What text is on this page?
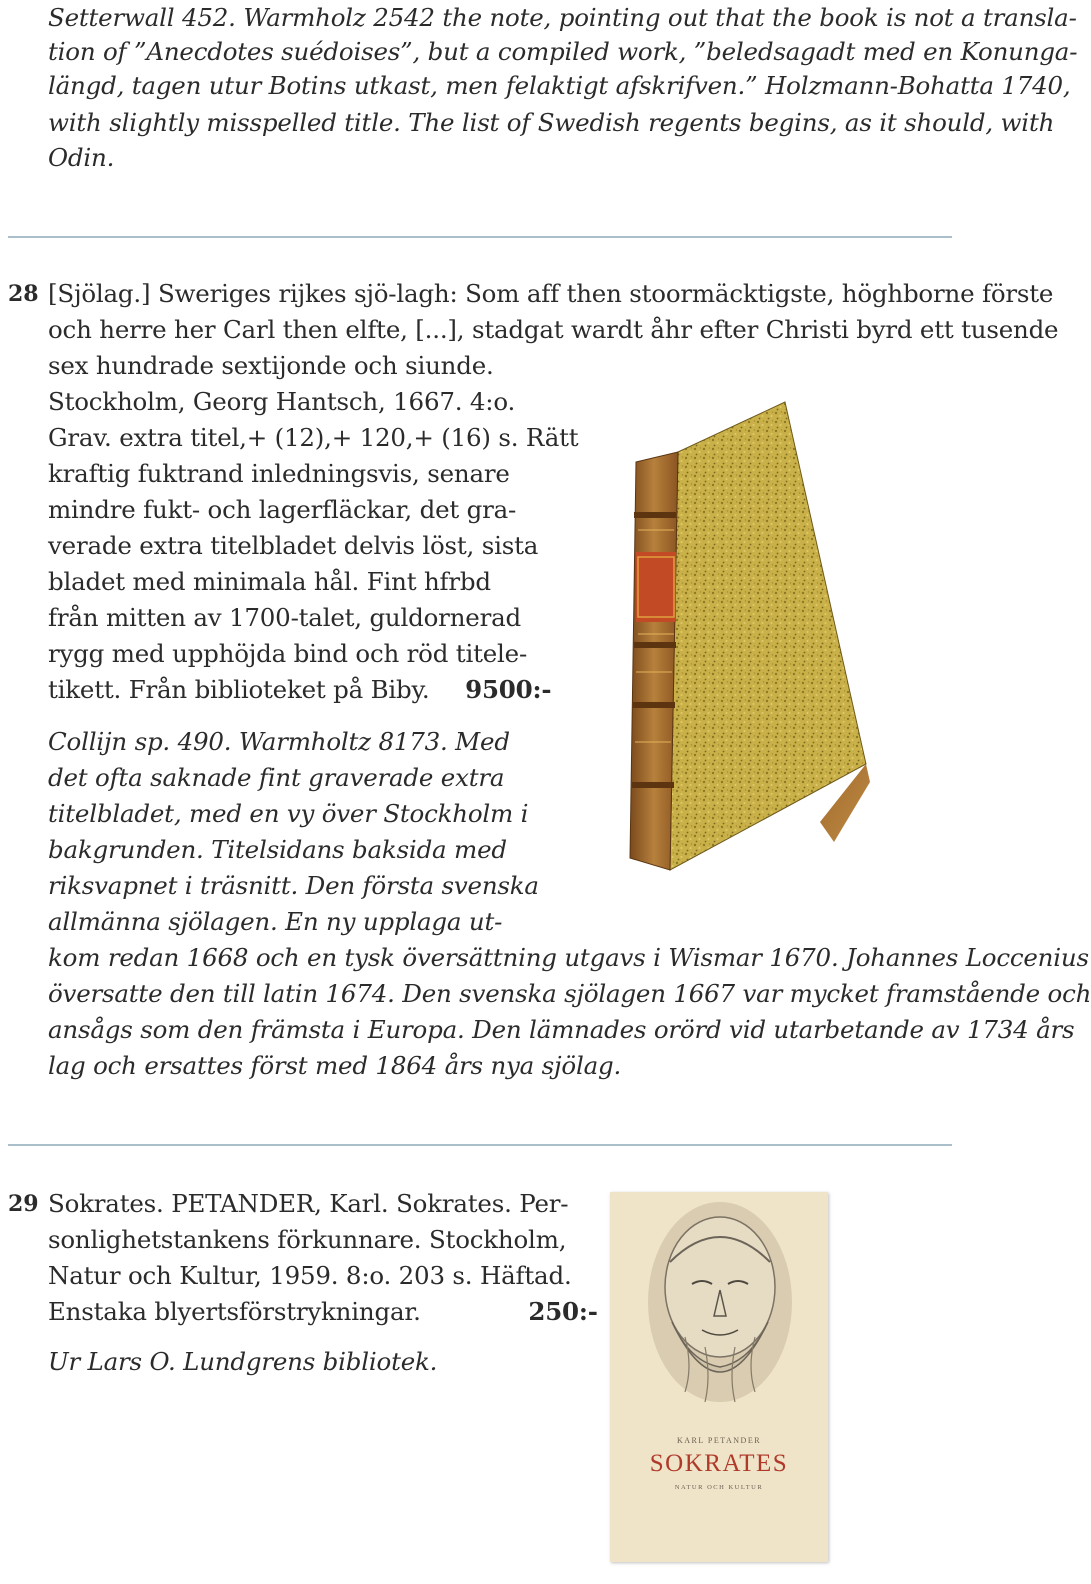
Setterwall 452. Warmholz 2542 the note, pointing out that the book is not a transla-
tion of ”Anecdotes suédoises”, but a compiled work, ”beledsagadt med en Konunga-
längd, tagen utur Botins utkast, men felaktigt afskrifven.” Holzmann-Bohatta 1740,
with slightly misspelled title. The list of Swedish regents begins, as it should, with
Odin.
28 [Sjölag.] Sweriges rijkes sjö-lagh: Som aff then stoormäcktigste, höghborne förste
och herre her Carl then elfte, [...], stadgat wardt åhr efter Christi byrd ett tusende
sex hundrade sextijonde och siunde.
Stockholm, Georg Hantsch, 1667. 4:o.
Grav. extra titel,+ (12),+ 120,+ (16) s. Rätt
kraftig fuktrand inledningsvis, senare
mindre fukt- och lagerfläckar, det gra-
verade extra titelbladet delvis löst, sista
bladet med minimala hål. Fint hfrbd
från mitten av 1700-talet, guldornerad
rygg med upphöjda bind och röd titele-
tikett. Från biblioteket på Biby. 9500:-
Collijn sp. 490. Warmholtz 8173. Med
det ofta saknade fint graverade extra
titelbladet, med en vy över Stockholm i
bakgrunden. Titelsidans baksida med
riksvapnet i träsnitt. Den första svenska
allmänna sjölagen. En ny upplaga ut-
kom redan 1668 och en tysk översättning utgavs i Wismar 1670. Johannes Loccenius
översatte den till latin 1674. Den svenska sjölagen 1667 var mycket framstående och
ansågs som den främsta i Europa. Den lämnades orörd vid utarbetande av 1734 års
lag och ersattes först med 1864 års nya sjölag.
29 Sokrates. PETANDER, Karl. Sokrates. Per-
sonlighetstankens förkunnare. Stockholm,
Natur och Kultur, 1959. 8:o. 203 s. Häftad.
Enstaka blyertsförstrykningar.	250:-
Ur Lars O. Lundgrens bibliotek.
KARL PETANDER
SOKRATES
NATUR OCH KULTUR
